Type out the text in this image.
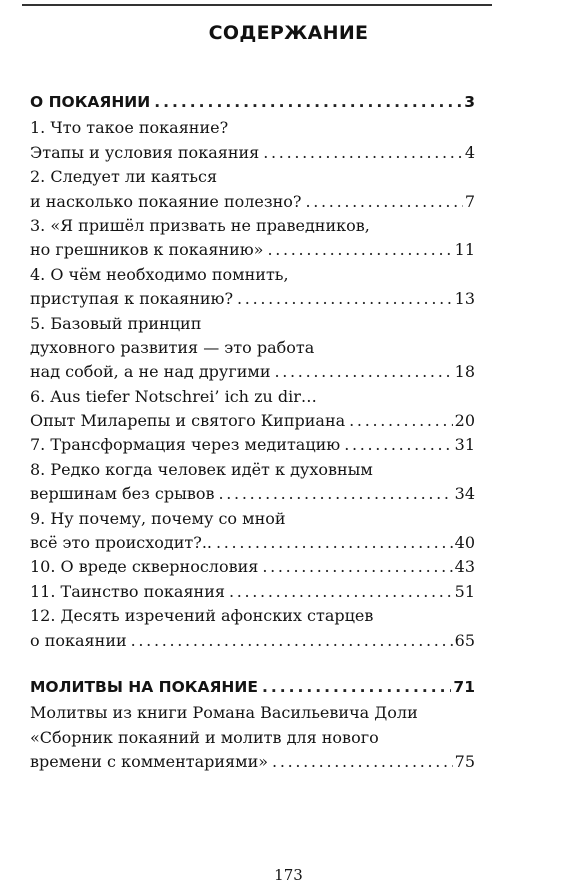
СОДЕРЖАНИЕ
О ПОКАЯНИИ . . .	3
1. Что такое покаяние?
Этапы и условия покаяния . . .	4
2. Следует ли каяться
и насколько покаяние полезно? . . .	7
3. «Я пришёл призвать не праведников,
но грешников к покаянию» . . .	11
4. О чём необходимо помнить,
приступая к покаянию? . . .	13
5. Базовый принцип
духовного развития — это работа
над собой, а не над другими . . .	18
6. Aus tiefer Notschrei’ ich zu dir…
Опыт Миларепы и святого Киприана . . .	20
7. Трансформация через медитацию . . .	31
8. Редко когда человек идёт к духовным
вершинам без срывов . . .	34
9. Ну почему, почему со мной
всё это происходит?.. . . .	40
10. О вреде сквернословия . . .	43
11. Таинство покаяния . . .	51
12. Десять изречений афонских старцев
о покаянии . . .	65
МОЛИТВЫ НА ПОКАЯНИЕ . . .	71
Молитвы из книги Романа Васильевича Доли
«Сборник покаяний и молитв для нового
времени с комментариями» . . .	75
173
